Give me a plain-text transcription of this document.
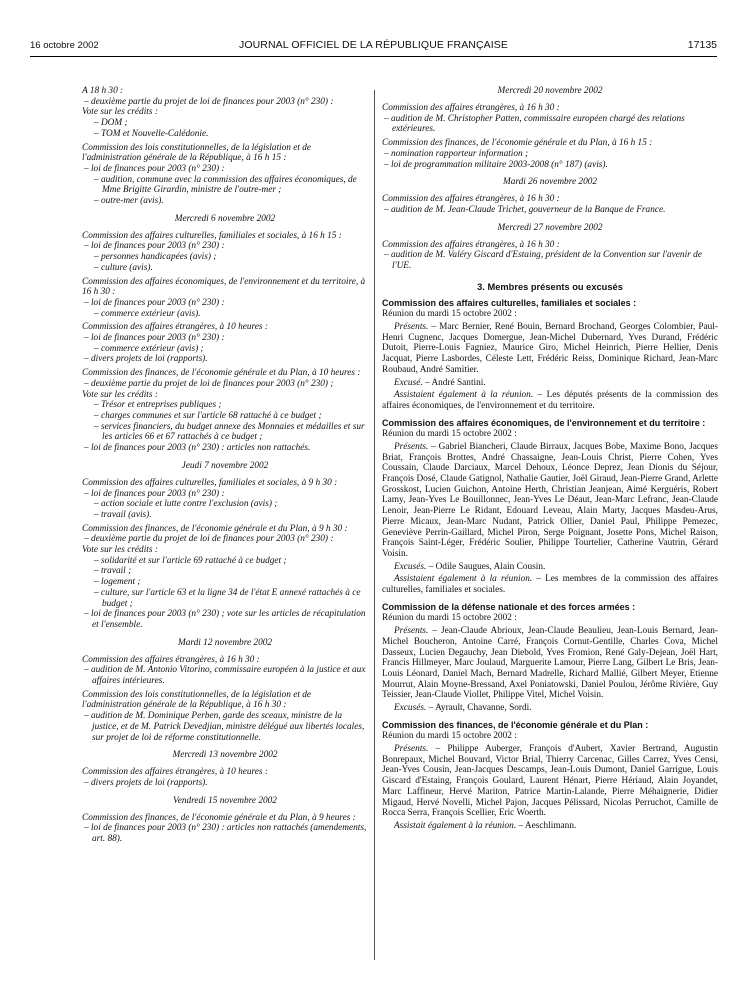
16 octobre 2002	JOURNAL OFFICIEL DE LA RÉPUBLIQUE FRANÇAISE	17135

A 18 h 30 :

– deuxième partie du projet de loi de finances pour 2003 (n° 230) :

Vote sur les crédits :

– DOM ;

– TOM et Nouvelle-Calédonie.

Commission des lois constitutionnelles, de la législation et de l'administration générale de la République, à 16 h 15 :

– loi de finances pour 2003 (n° 230) :

– audition, commune avec la commission des affaires économiques, de Mme Brigitte Girardin, ministre de l'outre-mer ;

– outre-mer (avis).

Mercredi 6 novembre 2002

Commission des affaires culturelles, familiales et sociales, à 16 h 15 :

– loi de finances pour 2003 (n° 230) :

– personnes handicapées (avis) ;

– culture (avis).

Commission des affaires économiques, de l'environnement et du territoire, à 16 h 30 :

– loi de finances pour 2003 (n° 230) :

– commerce extérieur (avis).

Commission des affaires étrangères, à 10 heures :

– loi de finances pour 2003 (n° 230) :

– commerce extérieur (avis) ;

– divers projets de loi (rapports).

Commission des finances, de l'économie générale et du Plan, à 10 heures :

– deuxième partie du projet de loi de finances pour 2003 (n° 230) ;

Vote sur les crédits :

– Trésor et entreprises publiques ;

– charges communes et sur l'article 68 rattaché à ce budget ;

– services financiers, du budget annexe des Monnaies et médailles et sur les articles 66 et 67 rattachés à ce budget ;

– loi de finances pour 2003 (n° 230) : articles non rattachés.

Jeudi 7 novembre 2002

Commission des affaires culturelles, familiales et sociales, à 9 h 30 :

– loi de finances pour 2003 (n° 230) :

– action sociale et lutte contre l'exclusion (avis) ;

– travail (avis).

Commission des finances, de l'économie générale et du Plan, à 9 h 30 :

– deuxième partie du projet de loi de finances pour 2003 (n° 230) :

Vote sur les crédits :

– solidarité et sur l'article 69 rattaché à ce budget ;

– travail ;

– logement ;

– culture, sur l'article 63 et la ligne 34 de l'état E annexé rattachés à ce budget ;

– loi de finances pour 2003 (n° 230) ; vote sur les articles de récapitulation et l'ensemble.

Mardi 12 novembre 2002

Commission des affaires étrangères, à 16 h 30 :

– audition de M. Antonio Vitorino, commissaire européen à la justice et aux affaires intérieures.

Commission des lois constitutionnelles, de la législation et de l'administration générale de la République, à 16 h 30 :

– audition de M. Dominique Perben, garde des sceaux, ministre de la justice, et de M. Patrick Devedjian, ministre délégué aux libertés locales, sur projet de loi de réforme constitutionnelle.

Mercredi 13 novembre 2002

Commission des affaires étrangères, à 10 heures :

– divers projets de loi (rapports).

Vendredi 15 novembre 2002

Commission des finances, de l'économie générale et du Plan, à 9 heures :

– loi de finances pour 2003 (n° 230) : articles non rattachés (amendements, art. 88).

Mercredi 20 novembre 2002

Commission des affaires étrangères, à 16 h 30 :

– audition de M. Christopher Patten, commissaire européen chargé des relations extérieures.

Commission des finances, de l'économie générale et du Plan, à 16 h 15 :

– nomination rapporteur information ;

– loi de programmation militaire 2003-2008 (n° 187) (avis).

Mardi 26 novembre 2002

Commission des affaires étrangères, à 16 h 30 :

– audition de M. Jean-Claude Trichet, gouverneur de la Banque de France.

Mercredi 27 novembre 2002

Commission des affaires étrangères, à 16 h 30 :

– audition de M. Valéry Giscard d'Estaing, président de la Convention sur l'avenir de l'UE.

3. Membres présents ou excusés
Commission des affaires culturelles, familiales et sociales :
Réunion du mardi 15 octobre 2002 :

Présents. – Marc Bernier, René Bouin, Bernard Brochand, Georges Colombier, Paul-Henri Cugnenc, Jacques Domergue, Jean-Michel Dubernard, Yves Durand, Frédéric Dutoit, Pierre-Louis Fagniez, Maurice Giro, Michel Heinrich, Pierre Hellier, Denis Jacquat, Pierre Lasbordes, Céleste Lett, Frédéric Reiss, Dominique Richard, Jean-Marc Roubaud, André Samitier.

Excusé. – André Santini.

Assistaient également à la réunion. – Les députés présents de la commission des affaires économiques, de l'environnement et du territoire.

Commission des affaires économiques, de l'environnement et du territoire :
Réunion du mardi 15 octobre 2002 :

Présents. – Gabriel Biancheri, Claude Birraux, Jacques Bobe, Maxime Bono, Jacques Briat, François Brottes, André Chassaigne, Jean-Louis Christ, Pierre Cohen, Yves Coussain, Claude Darciaux, Marcel Dehoux, Léonce Deprez, Jean Dionis du Séjour, François Dosé, Claude Gatignol, Nathalie Gautier, Joël Giraud, Jean-Pierre Grand, Arlette Grosskost, Lucien Guichon, Antoine Herth, Christian Jeanjean, Aimé Kerguéris, Robert Lamy, Jean-Yves Le Bouillonnec, Jean-Yves Le Déaut, Jean-Marc Lefranc, Jean-Claude Lenoir, Jean-Pierre Le Ridant, Edouard Leveau, Alain Marty, Jacques Masdeu-Arus, Pierre Micaux, Jean-Marc Nudant, Patrick Ollier, Daniel Paul, Philippe Pemezec, Geneviève Perrin-Gaillard, Michel Piron, Serge Poignant, Josette Pons, Michel Raison, François Saint-Léger, Frédéric Soulier, Philippe Tourtelier, Catherine Vautrin, Gérard Voisin.

Excusés. – Odile Saugues, Alain Cousin.

Assistaient également à la réunion. – Les membres de la commission des affaires culturelles, familiales et sociales.

Commission de la défense nationale et des forces armées :
Réunion du mardi 15 octobre 2002 :

Présents. – Jean-Claude Abrioux, Jean-Claude Beaulieu, Jean-Louis Bernard, Jean-Michel Boucheron, Antoine Carré, François Cornut-Gentille, Charles Cova, Michel Dasseux, Lucien Degauchy, Jean Diebold, Yves Fromion, René Galy-Dejean, Joël Hart, Francis Hillmeyer, Marc Joulaud, Marguerite Lamour, Pierre Lang, Gilbert Le Bris, Jean-Louis Léonard, Daniel Mach, Bernard Madrelle, Richard Mallié, Gilbert Meyer, Etienne Mourrut, Alain Moyne-Bressand, Axel Poniatowski, Daniel Poulou, Jérôme Rivière, Guy Teissier, Jean-Claude Viollet, Philippe Vitel, Michel Voisin.

Excusés. – Ayrault, Chavanne, Sordi.

Commission des finances, de l'économie générale et du Plan :
Réunion du mardi 15 octobre 2002 :

Présents. – Philippe Auberger, François d'Aubert, Xavier Bertrand, Augustin Bonrepaux, Michel Bouvard, Victor Brial, Thierry Carcenac, Gilles Carrez, Yves Censi, Jean-Yves Cousin, Jean-Jacques Descamps, Jean-Louis Dumont, Daniel Garrigue, Louis Giscard d'Estaing, François Goulard, Laurent Hénart, Pierre Hériaud, Alain Joyandet, Marc Laffineur, Hervé Mariton, Patrice Martin-Lalande, Pierre Méhaignerie, Didier Migaud, Hervé Novelli, Michel Pajon, Jacques Pélissard, Nicolas Perruchot, Camille de Rocca Serra, François Scellier, Eric Woerth.

Assistait également à la réunion. – Aeschlimann.
